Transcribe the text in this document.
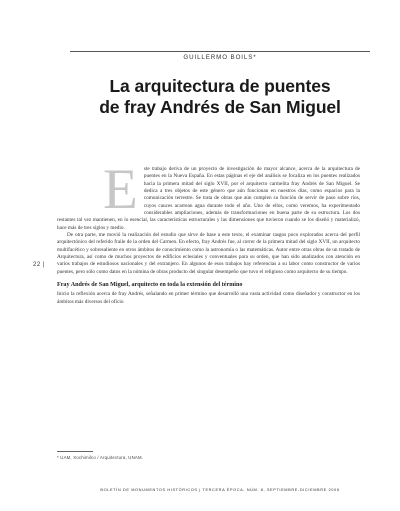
GUILLERMO BOILS*
La arquitectura de puentes
de fray Andrés de San Miguel
22 |

E ste trabajo deriva de un proyecto de investigación de mayor alcance, acerca de la arquitectura de puentes en la Nueva España. En estas páginas el eje del análisis se focaliza en los puentes realizados hacia la primera mitad del siglo XVII, por el arquitecto carmelita fray Andrés de San Miguel. Se dedica a tres objetos de este género que aún funcionan en nuestros días, como espacios para la comunicación terrestre. Se trata de obras que aún cumplen su función de servir de paso sobre ríos, cuyos cauces acarrean agua durante todo el año. Uno de ellos, como veremos, ha experimentado considerables ampliaciones, además de transformaciones en buena parte de su estructura. Los dos restantes tal vez mantienen, en lo esencial, las características estructurales y las dimensiones que tuvieron cuando se los diseñó y materializó, hace más de tres siglos y medio.

De otra parte, me movió la realización del estudio que sirve de base a este texto, el examinar rasgos poco explorados acerca del perfil arquitectónico del referido fraile de la orden del Carmen. En efecto, fray Andrés fue, al correr de la primera mitad del siglo XVII, un arquitecto multifacético y sobresaliente en otros ámbitos de conocimiento como la astronomía o las matemáticas. Autor entre otras obras de un tratado de Arquitectura, así como de muchos proyectos de edificios eclesiales y conventuales para su orden, que han sido analizados con atención en varios trabajos de estudiosos nacionales y del extranjero. En algunos de esos trabajos hay referencias a su labor como constructor de varios puentes, pero sólo como datos en la nómina de obras producto del singular desempeño que tuvo el religioso como arquitecto de su tiempo.

Fray Andrés de San Miguel, arquitecto en toda la extensión del término

Inicio la reflexión acerca de fray Andrés, señalando en primer término que desarrolló una vasta actividad como diseñador y constructor en los ámbitos más diversos del oficio

* UAM, Xochimilco / Arquitectura, UNAM.
BOLETÍN DE MONUMENTOS HISTÓRICOS | TERCERA ÉPOCA, NÚM. 8, SEPTIEMBRE-DICIEMBRE 2006
